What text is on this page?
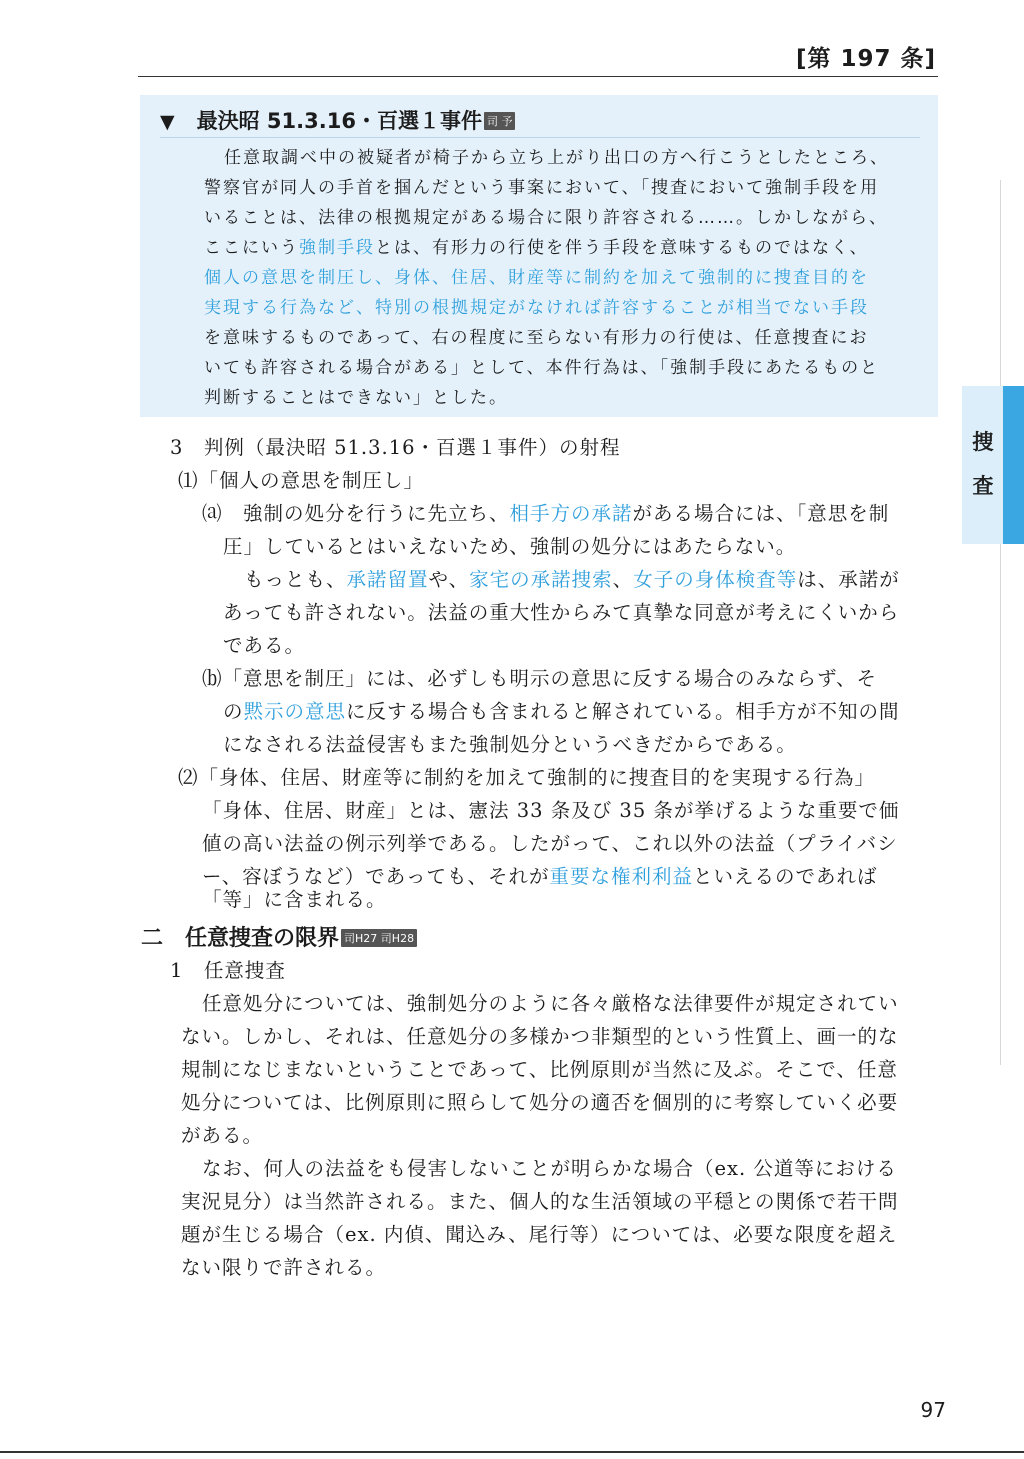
[第 197 条]
捜
査
▼ 最決昭 51.3.16・百選１事件 司 予
任意取調べ中の被疑者が椅子から立ち上がり出口の方へ行こうとしたところ、
警察官が同人の手首を掴んだという事案において、「捜査において強制手段を用
いることは、法律の根拠規定がある場合に限り許容される……。しかしながら、
ここにいう強制手段とは、有形力の行使を伴う手段を意味するものではなく、
個人の意思を制圧し、身体、住居、財産等に制約を加えて強制的に捜査目的を
実現する行為など、特別の根拠規定がなければ許容することが相当でない手段
を意味するものであって、右の程度に至らない有形力の行使は、任意捜査にお
いても許容される場合がある」として、本件行為は、「強制手段にあたるものと
判断することはできない」とした。
3　判例（最決昭 51.3.16・百選１事件）の射程
⑴「個人の意思を制圧し」
⒜　強制の処分を行うに先立ち、相手方の承諾がある場合には、「意思を制
圧」しているとはいえないため、強制の処分にはあたらない。
もっとも、承諾留置や、家宅の承諾捜索、女子の身体検査等は、承諾が
あっても許されない。法益の重大性からみて真摯な同意が考えにくいから
である。
⒝「意思を制圧」には、必ずしも明示の意思に反する場合のみならず、そ
の黙示の意思に反する場合も含まれると解されている。相手方が不知の間
になされる法益侵害もまた強制処分というべきだからである。
⑵「身体、住居、財産等に制約を加えて強制的に捜査目的を実現する行為」
「身体、住居、財産」とは、憲法 33 条及び 35 条が挙げるような重要で価
値の高い法益の例示列挙である。したがって、これ以外の法益（プライバシ
ー、容ぼうなど）であっても、それが重要な権利利益といえるのであれば
「等」に含まれる。
二 任意捜査の限界 司H27 司H28
1　任意捜査
任意処分については、強制処分のように各々厳格な法律要件が規定されてい
ない。しかし、それは、任意処分の多様かつ非類型的という性質上、画一的な
規制になじまないということであって、比例原則が当然に及ぶ。そこで、任意
処分については、比例原則に照らして処分の適否を個別的に考察していく必要
がある。
なお、何人の法益をも侵害しないことが明らかな場合（ex. 公道等における
実況見分）は当然許される。また、個人的な生活領域の平穏との関係で若干問
題が生じる場合（ex. 内偵、聞込み、尾行等）については、必要な限度を超え
ない限りで許される。
97
